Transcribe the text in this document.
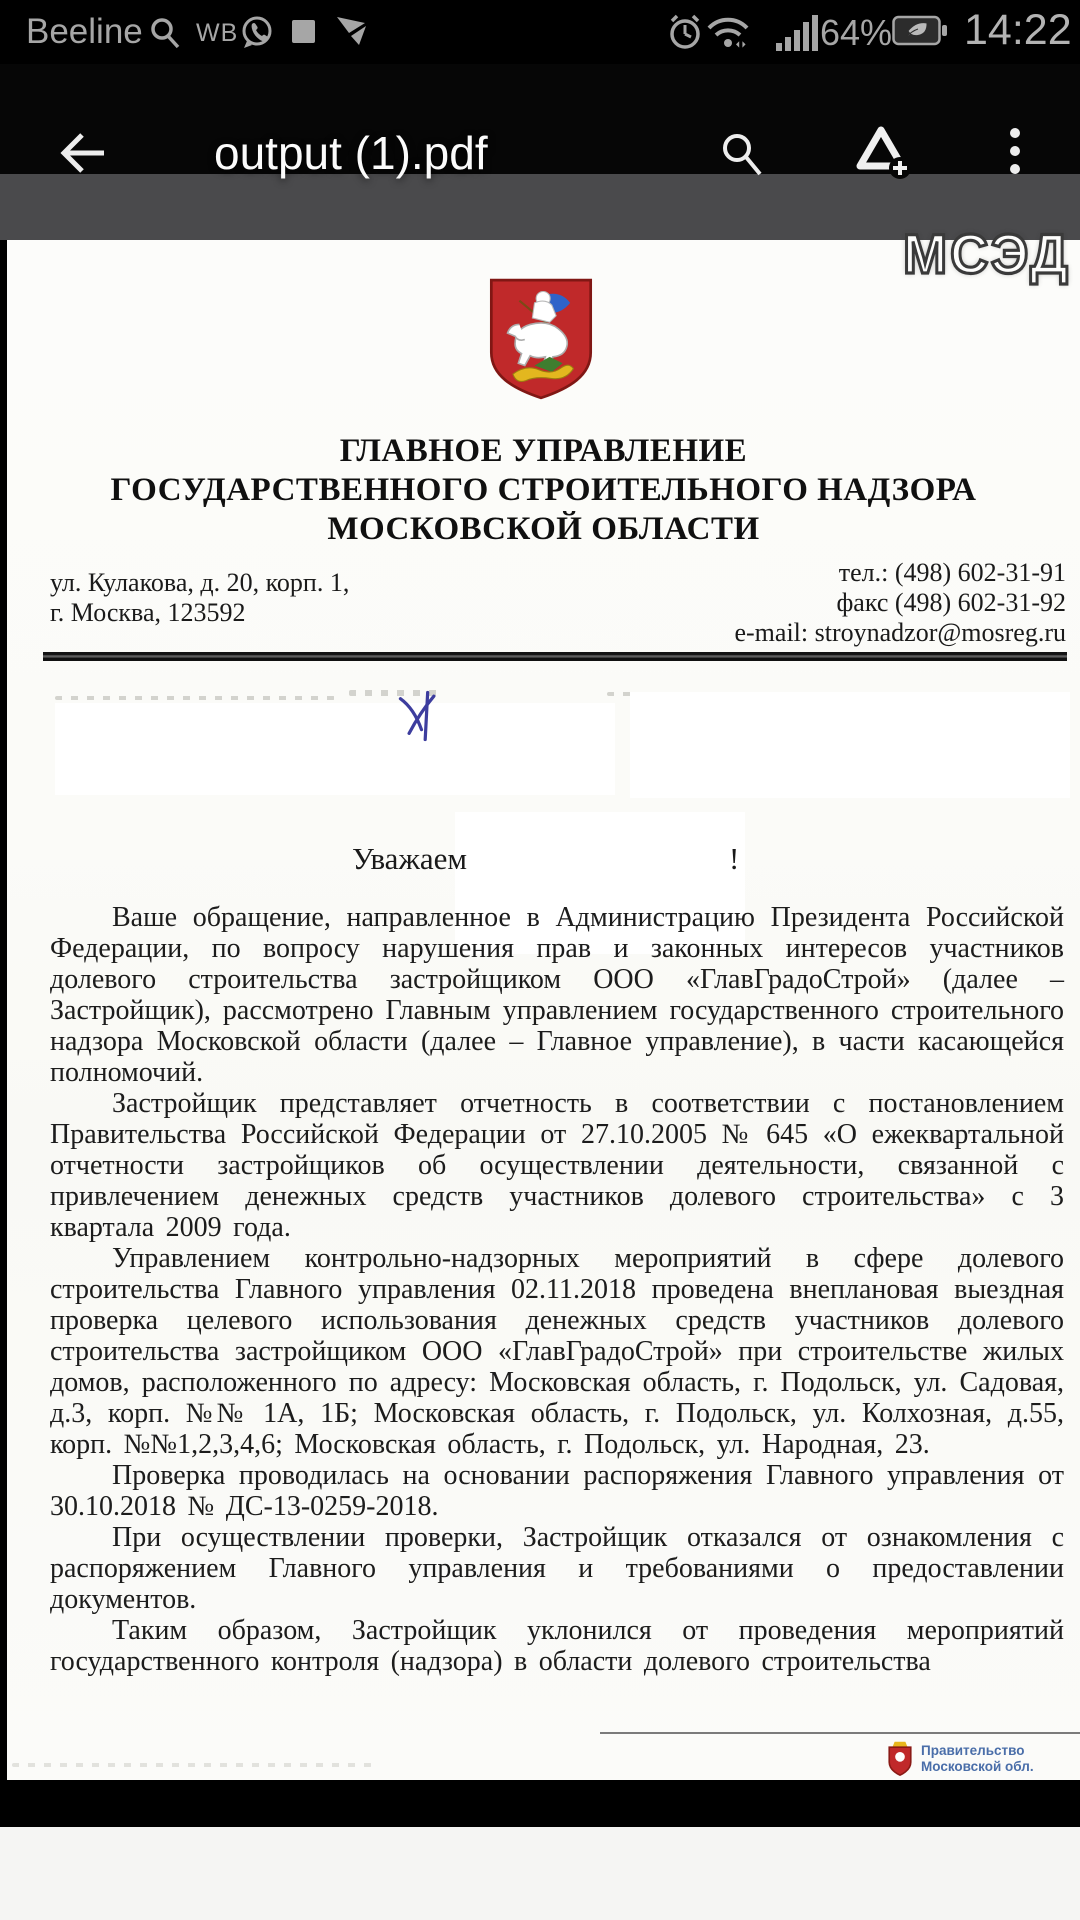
Beeline WB	64% 14:22
output (1).pdf
МСЭД
ГЛАВНОЕ УПРАВЛЕНИЕ
ГОСУДАРСТВЕННОГО СТРОИТЕЛЬНОГО НАДЗОРА
МОСКОВСКОЙ ОБЛАСТИ
ул. Кулакова, д. 20, корп. 1,
г. Москва, 123592
тел.: (498) 602-31-91
факс (498) 602-31-92
e-mail: stroynadzor@mosreg.ru
Уважаем	!

Ваше обращение, направленное в Администрацию Президента Российской Федерации, по вопросу нарушения прав и законных интересов участников долевого строительства застройщиком ООО «ГлавГрадоСтрой» (далее – Застройщик), рассмотрено Главным управлением государственного строительного надзора Московской области (далее – Главное управление), в части касающейся полномочий.

Застройщик представляет отчетность в соответствии с постановлением Правительства Российской Федерации от 27.10.2005 № 645 «О ежеквартальной отчетности застройщиков об осуществлении деятельности, связанной с привлечением денежных средств участников долевого строительства» с 3 квартала 2009 года.

Управлением контрольно-надзорных мероприятий в сфере долевого строительства Главного управления 02.11.2018 проведена внеплановая выездная проверка целевого использования денежных средств участников долевого строительства застройщиком ООО «ГлавГрадоСтрой» при строительстве жилых домов, расположенного по адресу: Московская область, г. Подольск, ул. Садовая, д.3, корп. №№ 1А, 1Б; Московская область, г. Подольск, ул. Колхозная, д.55, корп. №№1,2,3,4,6; Московская область, г. Подольск, ул. Народная, 23.

Проверка проводилась на основании распоряжения Главного управления от 30.10.2018 № ДС-13-0259-2018.

При осуществлении проверки, Застройщик отказался от ознакомления с распоряжением Главного управления и требованиями о предоставлении документов.

Таким образом, Застройщик уклонился от проведения мероприятий государственного контроля (надзора) в области долевого строительства

Правительство
Московской обл.
